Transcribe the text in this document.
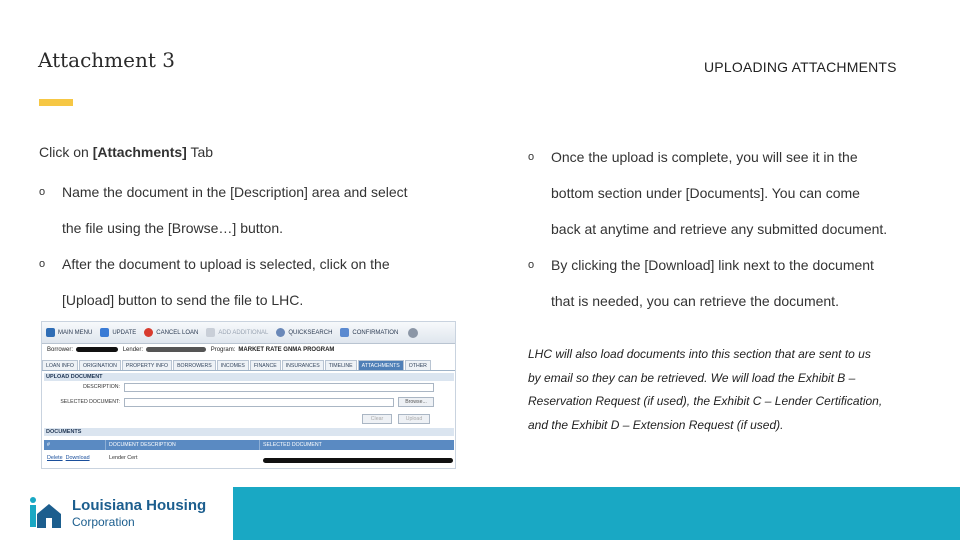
Attachment 3	UPLOADING ATTACHMENTS
Click on [Attachments] Tab
o Name the document in the [Description] area and select
the file using the [Browse…] button.
o After the document to upload is selected, click on the
[Upload] button to send the file to LHC.
o Once the upload is complete, you will see it in the
bottom section under [Documents]. You can come
back at anytime and retrieve any submitted document.
o By clicking the [Download] link next to the document
that is needed, you can retrieve the document.
LHC will also load documents into this section that are sent to us
by email so they can be retrieved. We will load the Exhibit B –
Reservation Request (if used), the Exhibit C – Lender Certification,
and the Exhibit D – Extension Request (if used).
MAIN MENU	UPDATE	CANCEL LOAN	ADD ADDITIONAL	QUICKSEARCH	CONFIRMATION
Borrower:	Lender:	Program: MARKET RATE GNMA PROGRAM
LOAN INFO	ORIGINATION	PROPERTY INFO	BORROWERS	INCOMES	FINANCE	INSURANCES	TIMELINE	ATTACHMENTS	OTHER
UPLOAD DOCUMENT
DESCRIPTION:
SELECTED DOCUMENT:	Browse...
Clear	Upload
DOCUMENTS
#	DOCUMENT DESCRIPTION	SELECTED DOCUMENT
Delete Download	Lender Cert
Louisiana Housing
Corporation
